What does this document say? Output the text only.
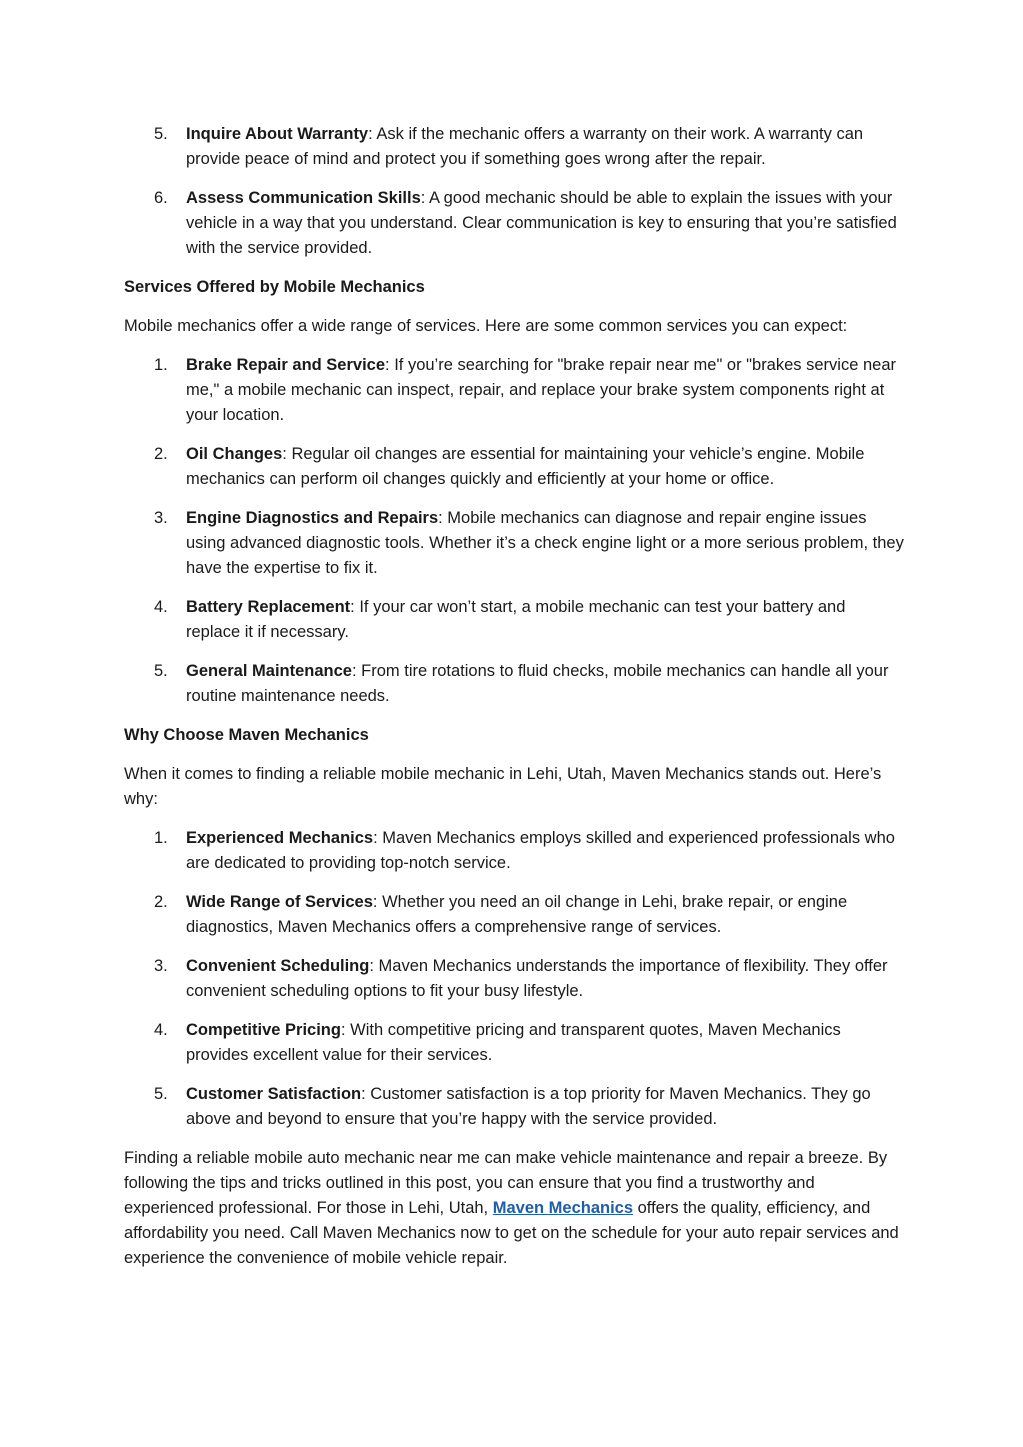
5.	Inquire About Warranty: Ask if the mechanic offers a warranty on their work. A warranty can provide peace of mind and protect you if something goes wrong after the repair.
6.	Assess Communication Skills: A good mechanic should be able to explain the issues with your vehicle in a way that you understand. Clear communication is key to ensuring that you’re satisfied with the service provided.
Services Offered by Mobile Mechanics

Mobile mechanics offer a wide range of services. Here are some common services you can expect:

1.	Brake Repair and Service: If you’re searching for "brake repair near me" or "brakes service near me," a mobile mechanic can inspect, repair, and replace your brake system components right at your location.
2.	Oil Changes: Regular oil changes are essential for maintaining your vehicle’s engine. Mobile mechanics can perform oil changes quickly and efficiently at your home or office.
3.	Engine Diagnostics and Repairs: Mobile mechanics can diagnose and repair engine issues using advanced diagnostic tools. Whether it’s a check engine light or a more serious problem, they have the expertise to fix it.
4.	Battery Replacement: If your car won’t start, a mobile mechanic can test your battery and replace it if necessary.
5.	General Maintenance: From tire rotations to fluid checks, mobile mechanics can handle all your routine maintenance needs.
Why Choose Maven Mechanics

When it comes to finding a reliable mobile mechanic in Lehi, Utah, Maven Mechanics stands out. Here’s why:

1.	Experienced Mechanics: Maven Mechanics employs skilled and experienced professionals who are dedicated to providing top-notch service.
2.	Wide Range of Services: Whether you need an oil change in Lehi, brake repair, or engine diagnostics, Maven Mechanics offers a comprehensive range of services.
3.	Convenient Scheduling: Maven Mechanics understands the importance of flexibility. They offer convenient scheduling options to fit your busy lifestyle.
4.	Competitive Pricing: With competitive pricing and transparent quotes, Maven Mechanics provides excellent value for their services.
5.	Customer Satisfaction: Customer satisfaction is a top priority for Maven Mechanics. They go above and beyond to ensure that you’re happy with the service provided.

Finding a reliable mobile auto mechanic near me can make vehicle maintenance and repair a breeze. By following the tips and tricks outlined in this post, you can ensure that you find a trustworthy and experienced professional. For those in Lehi, Utah, Maven Mechanics offers the quality, efficiency, and affordability you need. Call Maven Mechanics now to get on the schedule for your auto repair services and experience the convenience of mobile vehicle repair.
